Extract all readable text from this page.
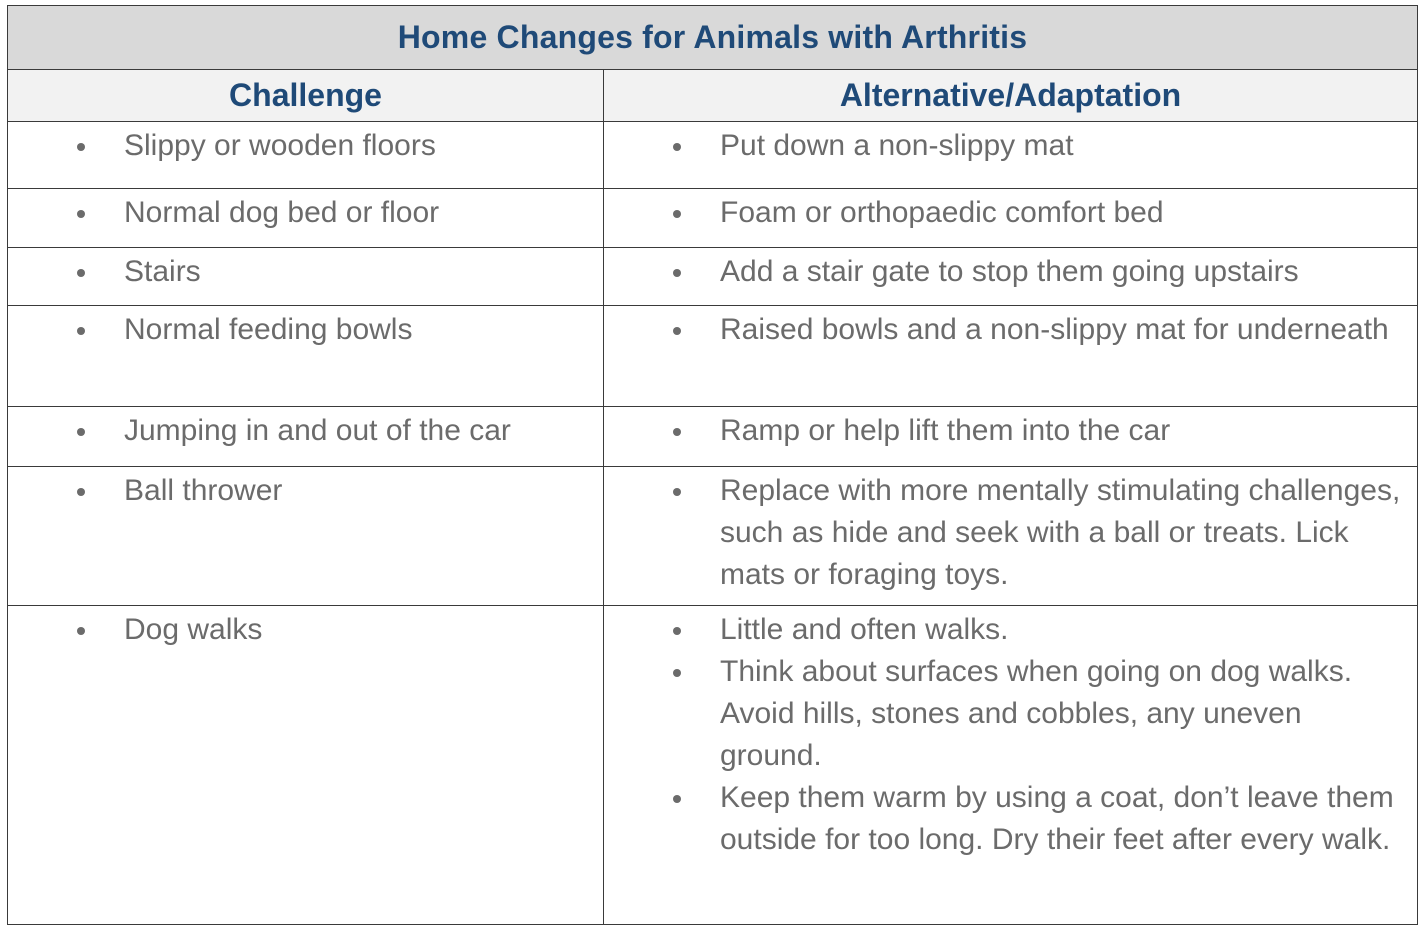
Home Changes for Animals with Arthritis
Challenge	Alternative/Adaptation
Slippy or wooden floors	Put down a non-slippy mat
Normal dog bed or floor	Foam or orthopaedic comfort bed
Stairs	Add a stair gate to stop them going upstairs
Normal feeding bowls	Raised bowls and a non-slippy mat for underneath
Jumping in and out of the car	Ramp or help lift them into the car
Ball thrower	Replace with more mentally stimulating challenges, such as hide and seek with a ball or treats. Lick mats or foraging toys.
Dog walks	Little and often walks.
Think about surfaces when going on dog walks. Avoid hills, stones and cobbles, any uneven ground.
Keep them warm by using a coat, don’t leave them outside for too long. Dry their feet after every walk.
